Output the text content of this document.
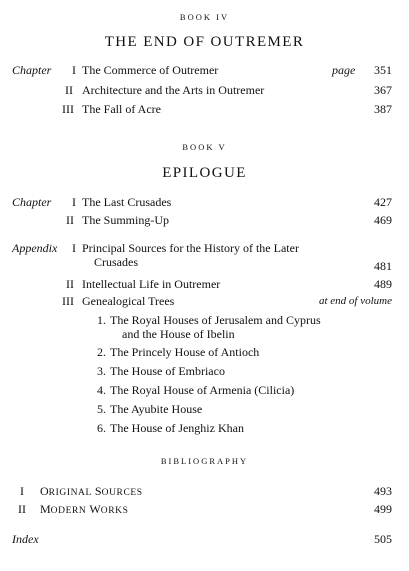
BOOK IV
THE END OF OUTREMER
Chapter I The Commerce of Outremer	page 351
II Architecture and the Arts in Outremer	367
III The Fall of Acre	387
BOOK V
EPILOGUE
Chapter I The Last Crusades	427
II The Summing-Up	469
Appendix I Principal Sources for the History of the Later
Crusades	481
II Intellectual Life in Outremer	489
III Genealogical Trees	at end of volume
1. The Royal Houses of Jerusalem and Cyprus
and the House of Ibelin
2. The Princely House of Antioch
3. The House of Embriaco
4. The Royal House of Armenia (Cilicia)
5. The Ayubite House
6. The House of Jenghiz Khan
BIBLIOGRAPHY
I ORIGINAL SOURCES	493
II MODERN WORKS	499
Index	505
